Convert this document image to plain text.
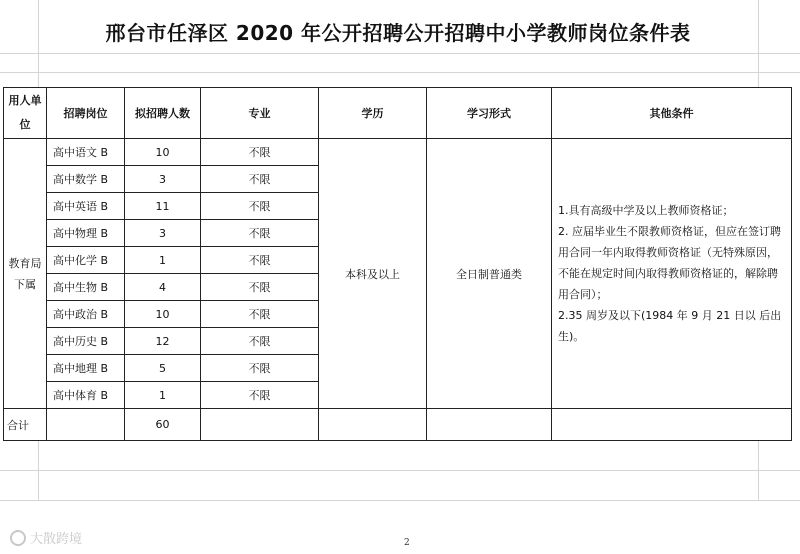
邢台市任泽区 2020 年公开招聘公开招聘中小学教师岗位条件表
用人单位	招聘岗位	拟招聘人数	专业	学历	学习形式	其他条件
教育局下属	高中语文 B	10	不限	本科及以上	全日制普通类	1.具有高级中学及以上教师资格证；

2. 应届毕业生不限教师资格证，但应在签订聘用合同一年内取得教师资格证（无特殊原因，不能在规定时间内取得教师资格证的，解除聘用合同）；

2.35 周岁及以下(1984 年 9 月 21 日以 后出生)。

	高中数学 B	3	不限			
	高中英语 B	11	不限			
	高中物理 B	3	不限			
	高中化学 B	1	不限			
	高中生物 B	4	不限			
	高中政治 B	10	不限			
	高中历史 B	12	不限			
	高中地理 B	5	不限			
	高中体育 B	1	不限			
合计		60				
大散跨境	2
